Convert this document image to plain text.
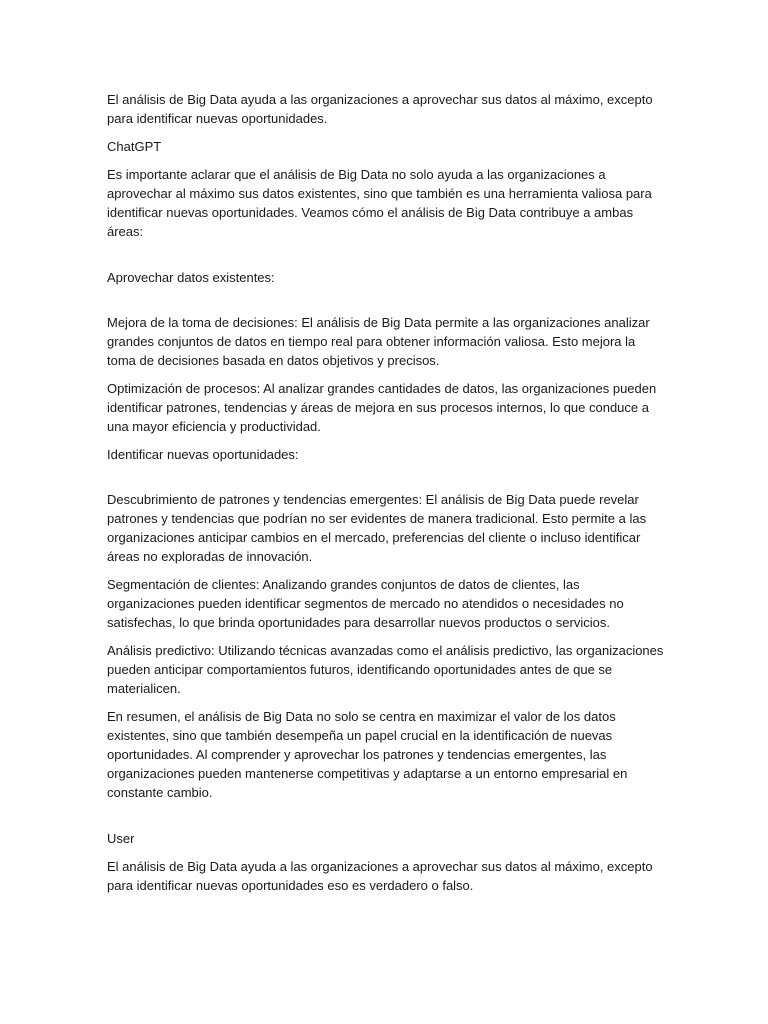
El análisis de Big Data ayuda a las organizaciones a aprovechar sus datos al máximo, excepto para identificar nuevas oportunidades.

ChatGPT

Es importante aclarar que el análisis de Big Data no solo ayuda a las organizaciones a aprovechar al máximo sus datos existentes, sino que también es una herramienta valiosa para identificar nuevas oportunidades. Veamos cómo el análisis de Big Data contribuye a ambas áreas:

Aprovechar datos existentes:

Mejora de la toma de decisiones: El análisis de Big Data permite a las organizaciones analizar grandes conjuntos de datos en tiempo real para obtener información valiosa. Esto mejora la toma de decisiones basada en datos objetivos y precisos.

Optimización de procesos: Al analizar grandes cantidades de datos, las organizaciones pueden identificar patrones, tendencias y áreas de mejora en sus procesos internos, lo que conduce a una mayor eficiencia y productividad.

Identificar nuevas oportunidades:

Descubrimiento de patrones y tendencias emergentes: El análisis de Big Data puede revelar patrones y tendencias que podrían no ser evidentes de manera tradicional. Esto permite a las organizaciones anticipar cambios en el mercado, preferencias del cliente o incluso identificar áreas no exploradas de innovación.

Segmentación de clientes: Analizando grandes conjuntos de datos de clientes, las organizaciones pueden identificar segmentos de mercado no atendidos o necesidades no satisfechas, lo que brinda oportunidades para desarrollar nuevos productos o servicios.

Análisis predictivo: Utilizando técnicas avanzadas como el análisis predictivo, las organizaciones pueden anticipar comportamientos futuros, identificando oportunidades antes de que se materialicen.

En resumen, el análisis de Big Data no solo se centra en maximizar el valor de los datos existentes, sino que también desempeña un papel crucial en la identificación de nuevas oportunidades. Al comprender y aprovechar los patrones y tendencias emergentes, las organizaciones pueden mantenerse competitivas y adaptarse a un entorno empresarial en constante cambio.

User

El análisis de Big Data ayuda a las organizaciones a aprovechar sus datos al máximo, excepto para identificar nuevas oportunidades eso es verdadero o falso.
